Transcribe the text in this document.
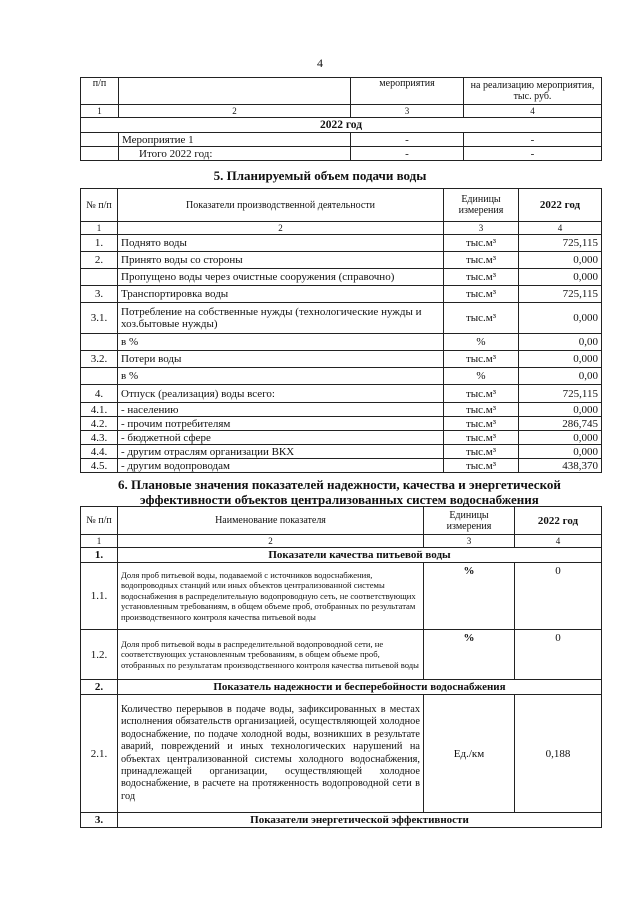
4
п/п		мероприятия	на реализацию мероприятия, тыс. руб.
1	2	3	4
2022 год			
	Мероприятие 1	-	-
	Итого 2022 год:	-	-
5. Планируемый объем подачи воды
№ п/п	Показатели производственной деятельности	Единицы измерения	2022 год
1	2	3	4
1.	Поднято воды	тыс.м³	725,115
2.	Принято воды со стороны	тыс.м³	0,000
	Пропущено воды через очистные сооружения (справочно)	тыс.м³	0,000
3.	Транспортировка воды	тыс.м³	725,115
3.1.	Потребление на собственные нужды (технологические нужды и хоз.бытовые нужды)	тыс.м³	0,000
	в %	%	0,00
3.2.	Потери воды	тыс.м³	0,000
	в %	%	0,00
4.	Отпуск (реализация) воды всего:	тыс.м³	725,115
4.1.	- населению	тыс.м³	0,000
4.2.	- прочим потребителям	тыс.м³	286,745
4.3.	- бюджетной сфере	тыс.м³	0,000
4.4.	- другим отраслям организации ВКХ	тыс.м³	0,000
4.5.	- другим водопроводам	тыс.м³	438,370
6. Плановые значения показателей надежности, качества и энергетической
эффективности объектов централизованных систем водоснабжения
№ п/п	Наименование показателя	Единицы измерения	2022 год
1	2	3	4
1.	Показатели качества питьевой воды		
1.1.	Доля проб питьевой воды, подаваемой с источников водоснабжения, водопроводных станций или иных объектов централизованной системы водоснабжения в распределительную водопроводную сеть, не соответствующих установленным требованиям, в общем объеме проб, отобранных по результатам производственного контроля качества питьевой воды	%	0
1.2.	Доля проб питьевой воды в распределительной водопроводной сети, не соответствующих установленным требованиям, в общем объеме проб, отобранных по результатам производственного контроля качества питьевой воды	%	0
2.	Показатель надежности и бесперебойности водоснабжения		
2.1.	Количество перерывов в подаче воды, зафиксированных в местах исполнения обязательств организацией, осуществляющей холодное водоснабжение, по подаче холодной воды, возникших в результате аварий, повреждений и иных технологических нарушений на объектах централизованной системы холодного водоснабжения, принадлежащей организации, осуществляющей холодное водоснабжение, в расчете на протяженность водопроводной сети в год	Ед./км	0,188
3.	Показатели энергетической эффективности		
